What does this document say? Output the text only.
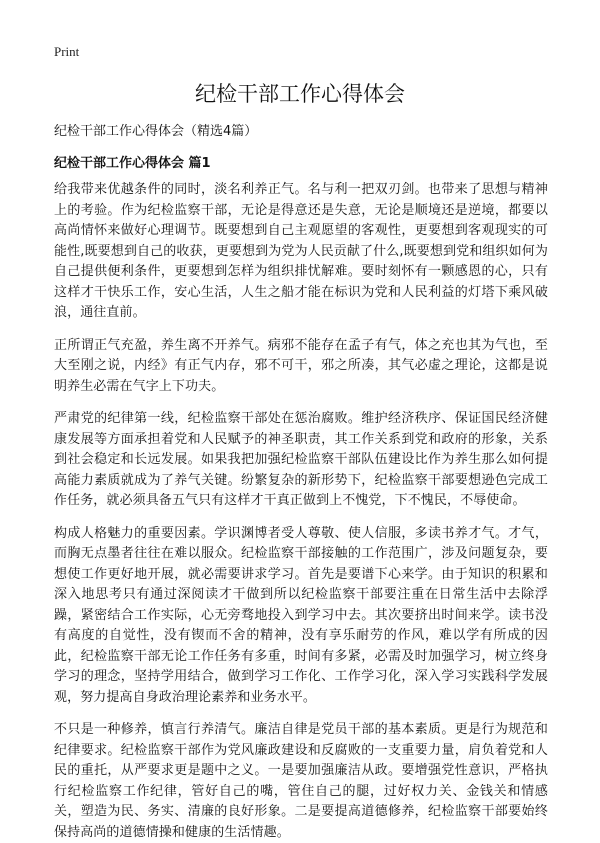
Print
纪检干部工作心得体会
纪检干部工作心得体会（精选4篇）
纪检干部工作心得体会 篇1

给我带来优越条件的同时，淡名利养正气。名与利一把双刃剑。也带来了思想与精神上的考验。作为纪检监察干部，无论是得意还是失意，无论是顺境还是逆境，都要以高尚情怀来做好心理调节。既要想到自己主观愿望的客观性，更要想到客观现实的可能性,既要想到自己的收获，更要想到为党为人民贡献了什么,既要想到党和组织如何为自己提供便利条件，更要想到怎样为组织排忧解难。要时刻怀有一颗感恩的心，只有这样才干快乐工作，安心生活，人生之船才能在标识为党和人民利益的灯塔下乘风破浪，通往直前。

正所谓正气充盈，养生离不开养气。病邪不能存在孟子有气，体之充也其为气也，至大至刚之说，内经》有正气内存，邪不可干，邪之所凑，其气必虚之理论，这都是说明养生必需在气字上下功夫。

严肃党的纪律第一线，纪检监察干部处在惩治腐败。维护经济秩序、保证国民经济健康发展等方面承担着党和人民赋予的神圣职责，其工作关系到党和政府的形象，关系到社会稳定和长远发展。如果我把加强纪检监察干部队伍建设比作为养生那么如何提高能力素质就成为了养气关键。纷繁复杂的新形势下，纪检监察干部要想逊色完成工作任务，就必须具备五气只有这样才干真正做到上不愧党，下不愧民，不辱使命。

构成人格魅力的重要因素。学识渊博者受人尊敬、使人信服，多读书养才气。才气，而胸无点墨者往往在难以服众。纪检监察干部接触的工作范围广，涉及问题复杂，要想使工作更好地开展，就必需要讲求学习。首先是要谱下心来学。由于知识的积累和深入地思考只有通过深阅读才干做到所以纪检监察干部要注重在日常生活中去除浮躁，紧密结合工作实际，心无旁骛地投入到学习中去。其次要挤出时间来学。读书没有高度的自觉性，没有锲而不舍的精神，没有享乐耐劳的作风，难以学有所成的因此，纪检监察干部无论工作任务有多重，时间有多紧，必需及时加强学习，树立终身学习的理念，坚持学用结合，做到学习工作化、工作学习化，深入学习实践科学发展观，努力提高自身政治理论素养和业务水平。

不只是一种修养，慎言行养清气。廉洁自律是党员干部的基本素质。更是行为规范和纪律要求。纪检监察干部作为党风廉政建设和反腐败的一支重要力量，肩负着党和人民的重托，从严要求更是题中之义。一是要加强廉洁从政。要增强党性意识，严格执行纪检监察工作纪律，管好自己的嘴，管住自己的腿，过好权力关、金钱关和情感关，塑造为民、务实、清廉的良好形象。二是要提高道德修养，纪检监察干部要始终保持高尚的道德情操和健康的生活情趣。
